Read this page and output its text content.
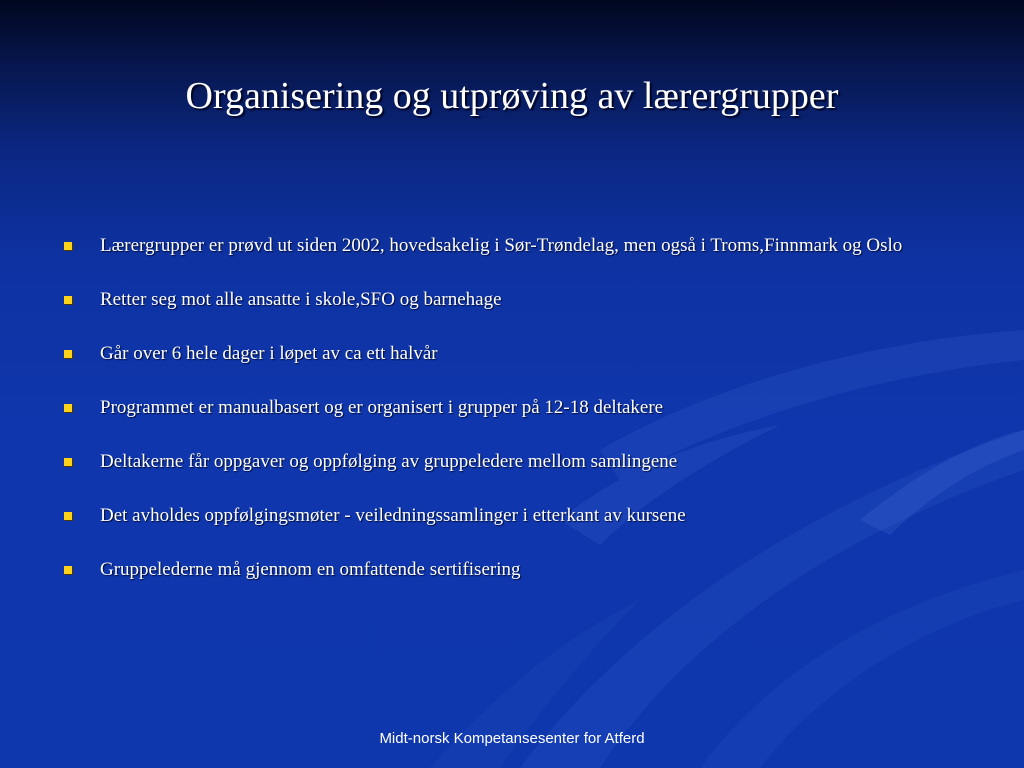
Organisering og utprøving av lærergrupper
Lærergrupper er prøvd ut siden 2002, hovedsakelig i Sør-Trøndelag, men også i Troms,Finnmark og Oslo
Retter seg mot alle ansatte i skole,SFO og barnehage
Går over 6 hele dager i løpet av ca ett halvår
Programmet er manualbasert og er organisert i grupper på 12-18 deltakere
Deltakerne får oppgaver og oppfølging av gruppeledere mellom samlingene
Det avholdes oppfølgingsmøter - veiledningssamlinger i etterkant av kursene
Gruppelederne må gjennom en omfattende sertifisering
Midt-norsk Kompetansesenter for Atferd
